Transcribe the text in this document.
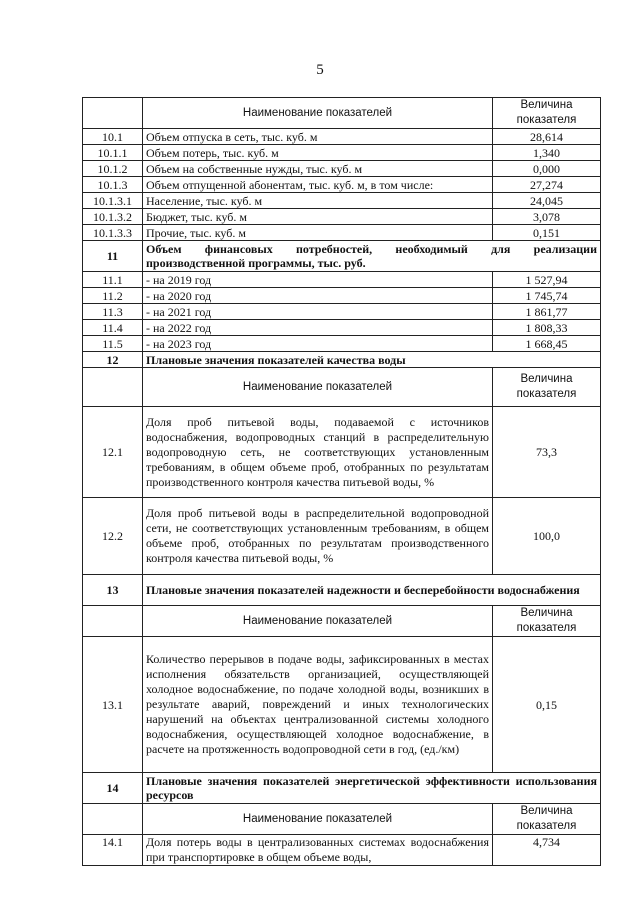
5
	Наименование показателей	Величина показателя
10.1	Объем отпуска в сеть, тыс. куб. м	28,614
10.1.1	Объем потерь, тыс. куб. м	1,340
10.1.2	Объем на собственные нужды, тыс. куб. м	0,000
10.1.3	Объем отпущенной абонентам, тыс. куб. м, в том числе:	27,274
10.1.3.1	Население, тыс. куб. м	24,045
10.1.3.2	Бюджет, тыс. куб. м	3,078
10.1.3.3	Прочие, тыс. куб. м	0,151
11	Объем финансовых потребностей, необходимый для реализации производственной программы, тыс. руб.	
11.1	- на 2019 год	1 527,94
11.2	- на 2020 год	1 745,74
11.3	- на 2021 год	1 861,77
11.4	- на 2022 год	1 808,33
11.5	- на 2023 год	1 668,45
12	Плановые значения показателей качества воды	
	Наименование показателей	Величина показателя
12.1	Доля проб питьевой воды, подаваемой с источников водоснабжения, водопроводных станций в распределительную водопроводную сеть, не соответствующих установленным требованиям, в общем объеме проб, отобранных по результатам производственного контроля качества питьевой воды, %	73,3
12.2	Доля проб питьевой воды в распределительной водопроводной сети, не соответствующих установленным требованиям, в общем объеме проб, отобранных по результатам производственного контроля качества питьевой воды, %	100,0
13	Плановые значения показателей надежности и бесперебойности водоснабжения	
	Наименование показателей	Величина показателя
13.1	Количество перерывов в подаче воды, зафиксированных в местах исполнения обязательств организацией, осуществляющей холодное водоснабжение, по подаче холодной воды, возникших в результате аварий, повреждений и иных технологических нарушений на объектах централизованной системы холодного водоснабжения, осуществляющей холодное водоснабжение, в расчете на протяженность водопроводной сети в год, (ед./км)	0,15
14	Плановые значения показателей энергетической эффективности использования ресурсов	
	Наименование показателей	Величина показателя
14.1	Доля потерь воды в централизованных системах водоснабжения при транспортировке в общем объеме воды,	4,734
